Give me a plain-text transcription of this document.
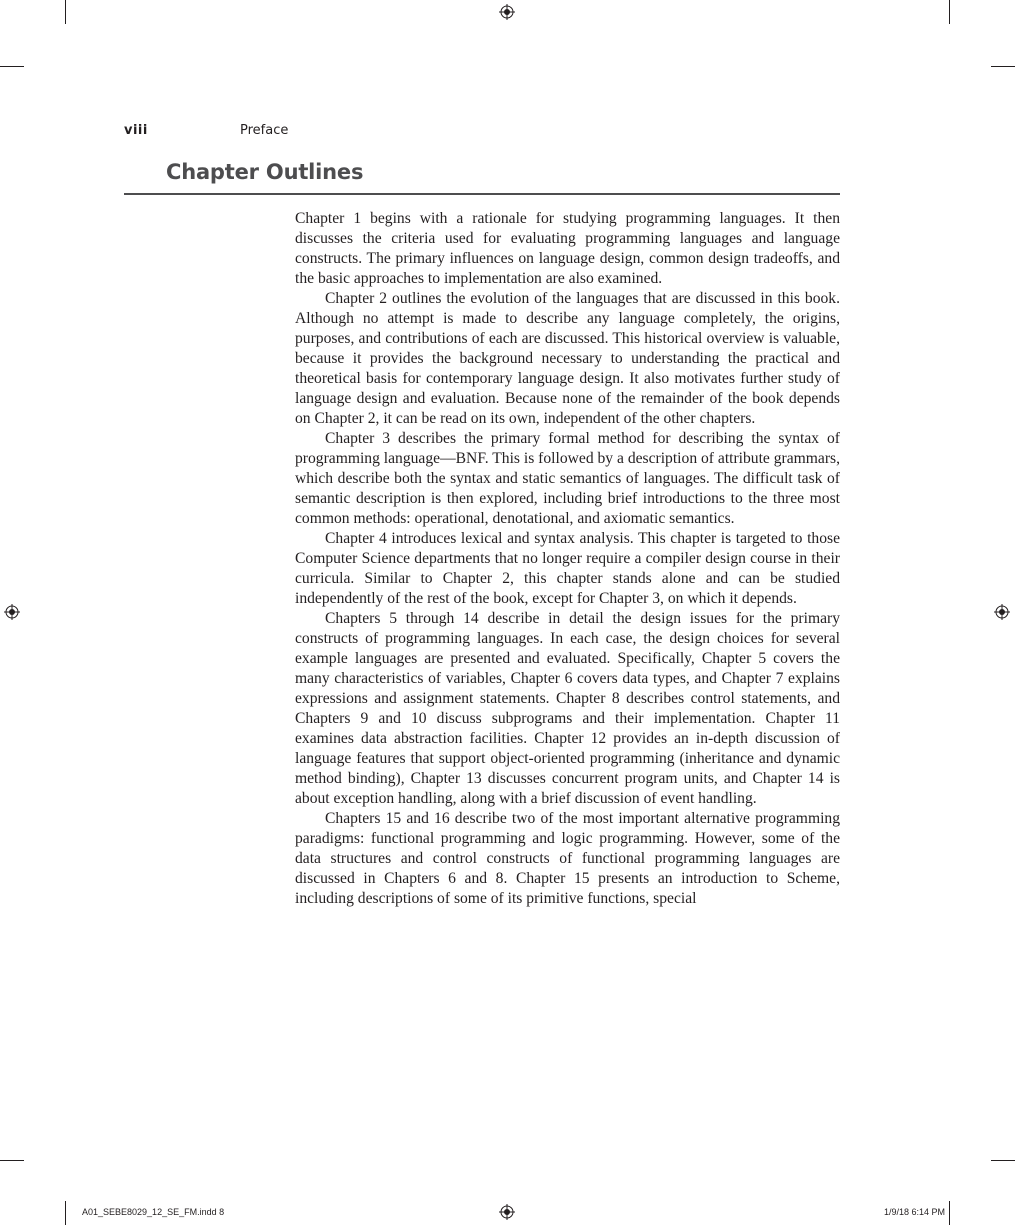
viii	Preface
Chapter Outlines

Chapter 1 begins with a rationale for studying programming languages. It then discusses the criteria used for evaluating programming languages and language constructs. The primary influences on language design, common design tradeoffs, and the basic approaches to implementation are also examined.

Chapter 2 outlines the evolution of the languages that are discussed in this book. Although no attempt is made to describe any language completely, the origins, purposes, and contributions of each are discussed. This historical overview is valuable, because it provides the background necessary to understanding the practical and theoretical basis for contemporary language design. It also motivates further study of language design and evaluation. Because none of the remainder of the book depends on Chapter 2, it can be read on its own, independent of the other chapters.

Chapter 3 describes the primary formal method for describing the syntax of programming language—BNF. This is followed by a description of attribute grammars, which describe both the syntax and static semantics of languages. The difficult task of semantic description is then explored, including brief introductions to the three most common methods: operational, denotational, and axiomatic semantics.

Chapter 4 introduces lexical and syntax analysis. This chapter is targeted to those Computer Science departments that no longer require a compiler design course in their curricula. Similar to Chapter 2, this chapter stands alone and can be studied independently of the rest of the book, except for Chapter 3, on which it depends.

Chapters 5 through 14 describe in detail the design issues for the primary constructs of programming languages. In each case, the design choices for several example languages are presented and evaluated. Specifically, Chapter 5 covers the many characteristics of variables, Chapter 6 covers data types, and Chapter 7 explains expressions and assignment statements. Chapter 8 describes control statements, and Chapters 9 and 10 discuss subprograms and their implementation. Chapter 11 examines data abstraction facilities. Chapter 12 provides an in-depth discussion of language features that support object-oriented programming (inheritance and dynamic method binding), Chapter 13 discusses concurrent program units, and Chapter 14 is about exception handling, along with a brief discussion of event handling.

Chapters 15 and 16 describe two of the most important alternative programming paradigms: functional programming and logic programming. However, some of the data structures and control constructs of functional programming languages are discussed in Chapters 6 and 8. Chapter 15 presents an introduction to Scheme, including descriptions of some of its primitive functions, special

A01_SEBE8029_12_SE_FM.indd 8	1/9/18 6:14 PM
